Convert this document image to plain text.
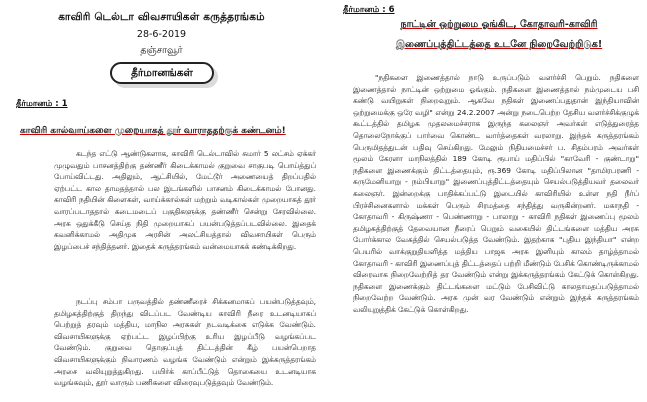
காவிரி டெல்டா விவசாயிகள் கருத்தரங்கம்
28-6-2019
தஞ்சாவூர்
தீர்மானங்கள்
தீர்மானம் : 1
காவிரி கால்வாய்களை முறையாகத் தூர் வாராததற்குக் கண்டனம்!
கடந்த எட்டு ஆண்டுகளாக, காவிரி டெல்டாவில் சுமார் 5 லட்சம் ஏக்கர் முழுவதும் பாசனத்திற்கு தண்ணீர் கிடைக்காமல் குறுவை சாகுபடி பொய்த்துப் போய்விட்டது. அதிலும், ஆட்சியில், மேட்டூர் அணையைத் திறப்பதில் ஏற்பட்ட கால தாமதத்தால் பல இடங்களில் பாசனம் கிடைக்காமல் போனது. காவிரி நதியின் கிளைகள், வாய்க்கால்கள் மற்றும் வடிகால்கள் முறையாகத் தூர் வாரப்படாததால் கடைமடைப் பகுதிகளுக்கு தண்ணீர் சென்று சேரவில்லை. அரசு ஒதுக்கீடு செய்த நிதி முறையாகப் பயன்படுத்தப்படவில்லை. இதைக் கவனிக்காமல் அதிமுக அரசின் அலட்சியத்தால் விவசாயிகள் பெரும் இழப்பைச் சந்தித்தனர். இதைக் கருத்தரங்கம் வன்மையாகக் கண்டிக்கிறது.
நடப்பு சம்பா பருவத்தில் தண்ணீரைச் சிக்கனமாகப் பயன்படுத்தவும், தமிழகத்திற்குத் திறந்து விடப்பட வேண்டிய காவிரி நீரை உடனடியாகப் பெற்றுத் தரவும் மத்திய, மாநில அரசுகள் நடவடிக்கை எடுக்க வேண்டும். விவசாயிகளுக்கு ஏற்பட்ட இழப்பிற்கு உரிய இழப்பீடு வழங்கப்பட வேண்டும். குறுவை தொகுப்புத் திட்டத்தின் கீழ் பயன்பெறாத விவசாயிகளுக்கும் நிவாரணம் வழங்க வேண்டும் என்றும் இக்கருத்தரங்கம் அரசை வலியுறுத்துகிறது. பயிர்க் காப்பீட்டுத் தொகையை உடனடியாக வழங்கவும், தூர் வாரும் பணிகளை விரைவுபடுத்தவும் வேண்டும்.
தீர்மானம் : 6
நாட்டின் ஒற்றுமை ஓங்கிட, கோதாவரி-காவிரி
இணைப்புத்திட்டத்தை உடனே நிறைவேற்றிடுக!
"நதிகளை இணைத்தால் நாடு உருப்படும் வளர்ச்சி பெறும். நதிகளை இணைத்தால் நாட்டின் ஒற்றுமை ஓங்கும். நதிகளை இணைத்தால் நம்முடைய பசி கண்டு வயிறுகள் நிறைவுறும். ஆகவே நதிகள் இணைப்பதுதான் இந்தியாவின் ஒற்றுமைக்கு ஒரே வழி" என்று 24.2.2007 அன்று நடைபெற்ற தேசிய வளர்ச்சிக்குழுக் கூட்டத்தில் தமிழக முதலமைச்சராக இருந்த கலைஞர் அவர்கள் எடுத்துரைத்த தொலைநோக்குப் பார்வை கொண்ட வார்த்தைகள் வரலாறு. இந்தக் கருத்தரங்கம் பெருமிதத்துடன் பதிவு செய்கிறது. மேலும் நிதியமைச்சர் ப. சிதம்பரம் அவர்கள் மூலம் கேரளா மாநிலத்தில் 189 கோடி ரூபாய் மதிப்பில் "காவேரி - குண்டாறு" நதிகளை இணைக்கும் திட்டத்தையும், ரூ.369 கோடி மதிப்பிலான "தாமிரபரணி - கருமேனியாறு - நம்பியாறு" இணைப்புத்திட்டத்தையும் செயல்படுத்தியவர் தலைவர் கலைஞர். இன்றைக்கு பாதிக்கப்பட்டு இடையில் காவிரியில் உள்ள நதி நீர்ப் பிரச்சினைகளால் மக்கள் பெரும் சிரமத்தை சந்தித்து வருகின்றனர். மகாநதி - கோதாவரி - கிருஷ்ணா - பெண்ணாறு - பாலாறு - காவிரி நதிகள் இணைப்பு மூலம் தமிழகத்திற்குத் தேவையான நீரைப் பெறும் வகையில் திட்டங்களை மத்திய அரசு போர்க்கால வேகத்தில் செயல்படுத்த வேண்டும். இதற்காக "புதிய இந்தியா" என்ற பெயரில் வாக்குறுதியளித்த மத்திய பாஜக அரசு இனியும் காலம் தாழ்த்தாமல் கோதாவரி - காவிரி இணைப்புத் திட்டத்தைப் பற்றி மீண்டும் பேசிக் கொண்டிருக்காமல் விரைவாக நிறைவேற்றித் தர வேண்டும் என்று இக்கருத்தரங்கம் கேட்டுக் கொள்கிறது. நதிகளை இணைக்கும் திட்டங்களை மட்டும் பேசிவிட்டு காலதாமதப்படுத்தாமல் நிறைவேற்ற வேண்டும். அரசு முன் வர வேண்டும் என்றும் இந்தக் கருத்தரங்கம் வலியுறுத்திக் கேட்டுக் கொள்கிறது.
